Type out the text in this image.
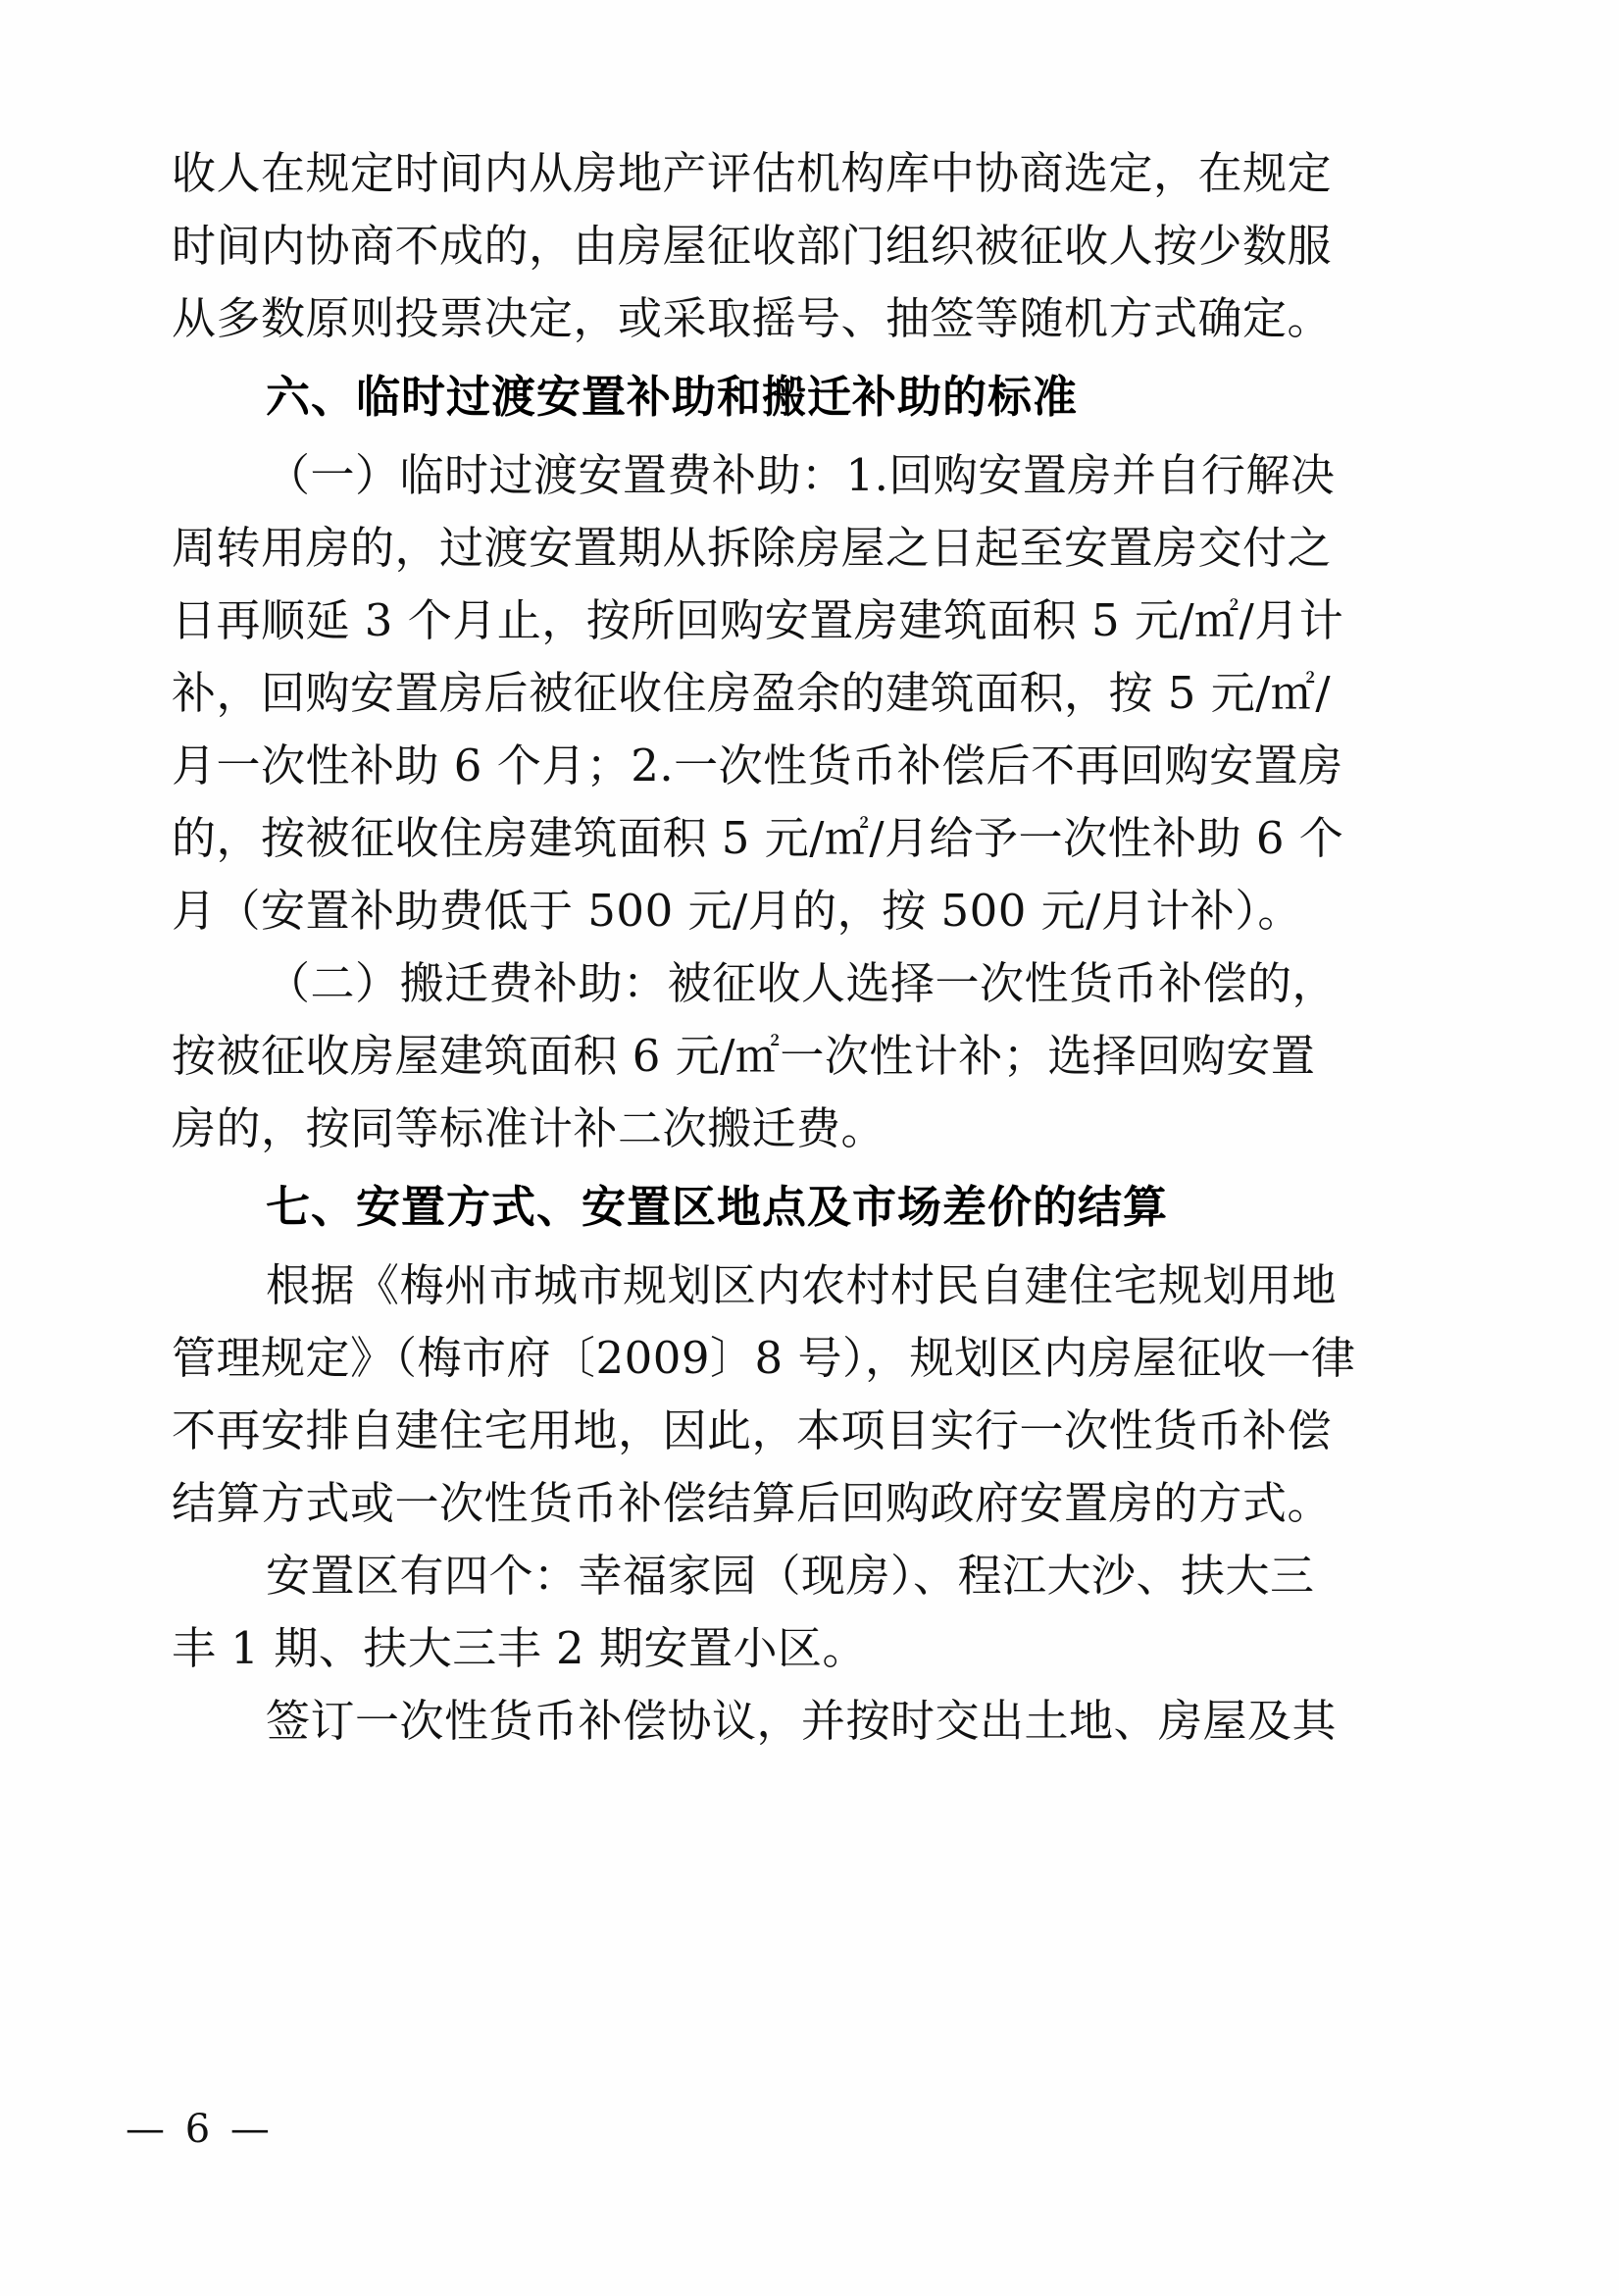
收人在规定时间内从房地产评估机构库中协商选定，在规定
时间内协商不成的，由房屋征收部门组织被征收人按少数服
从多数原则投票决定，或采取摇号、抽签等随机方式确定。
六、临时过渡安置补助和搬迁补助的标准
（一）临时过渡安置费补助：1.回购安置房并自行解决
周转用房的，过渡安置期从拆除房屋之日起至安置房交付之
日再顺延 3 个月止，按所回购安置房建筑面积 5 元/㎡/月计
补，回购安置房后被征收住房盈余的建筑面积，按 5 元/㎡/
月一次性补助 6 个月；2.一次性货币补偿后不再回购安置房
的，按被征收住房建筑面积 5 元/㎡/月给予一次性补助 6 个
月（安置补助费低于 500 元/月的，按 500 元/月计补）。
（二）搬迁费补助：被征收人选择一次性货币补偿的，
按被征收房屋建筑面积 6 元/㎡一次性计补；选择回购安置
房的，按同等标准计补二次搬迁费。
七、安置方式、安置区地点及市场差价的结算
根据《梅州市城市规划区内农村村民自建住宅规划用地
管理规定》（梅市府〔2009〕8 号），规划区内房屋征收一律
不再安排自建住宅用地，因此，本项目实行一次性货币补偿
结算方式或一次性货币补偿结算后回购政府安置房的方式。
安置区有四个：幸福家园（现房）、程江大沙、扶大三
丰 1 期、扶大三丰 2 期安置小区。
签订一次性货币补偿协议，并按时交出土地、房屋及其
— 6 —
